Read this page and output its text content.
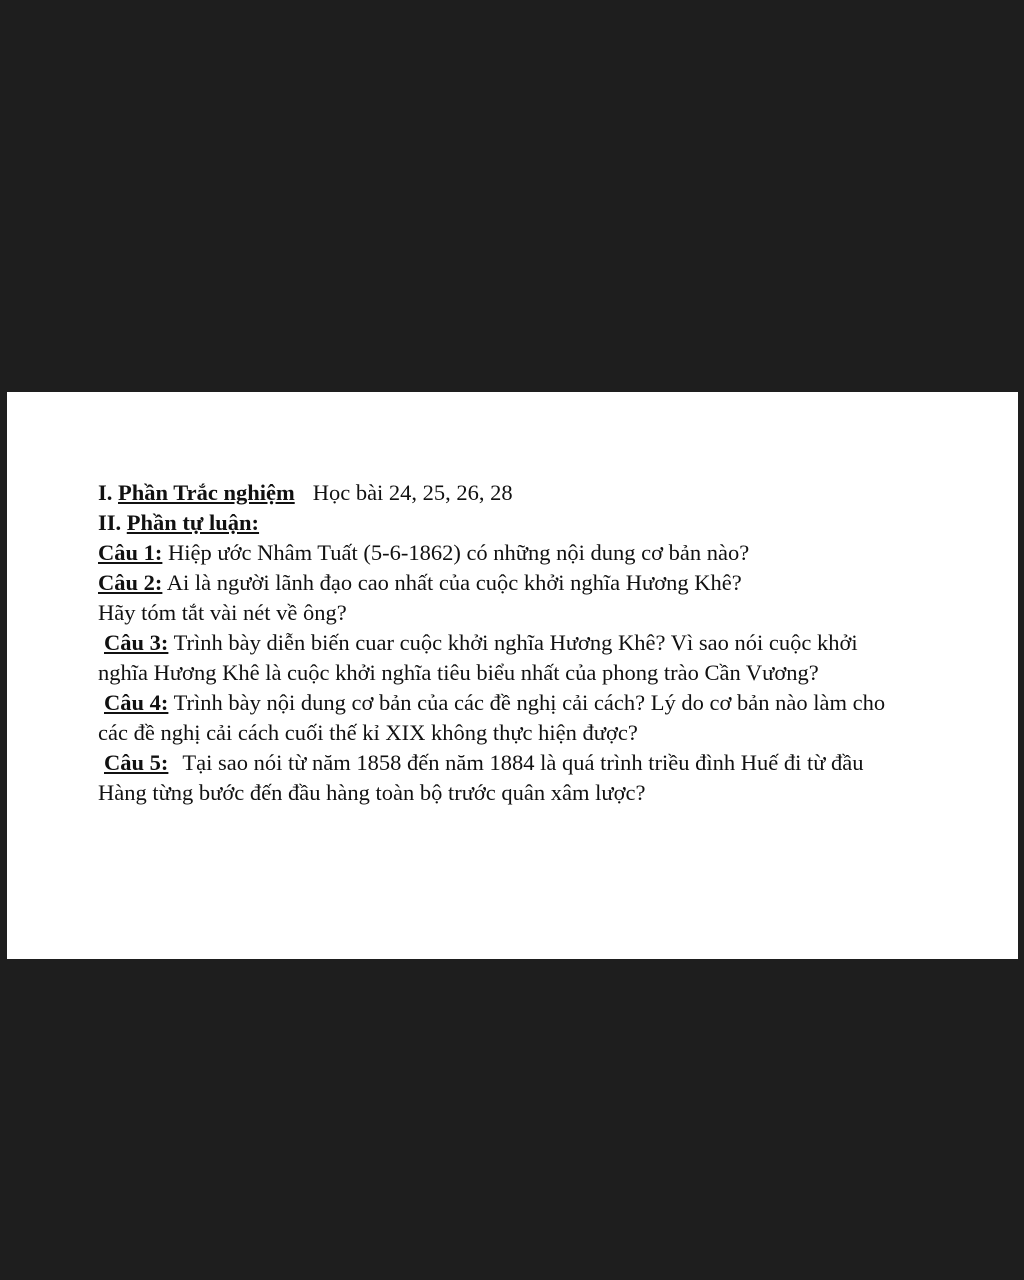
I. Phần Trắc nghiệm Học bài 24, 25, 26, 28
II. Phần tự luận:
Câu 1: Hiệp ước Nhâm Tuất (5-6-1862) có những nội dung cơ bản nào?
Câu 2: Ai là người lãnh đạo cao nhất của cuộc khởi nghĩa Hương Khê?
Hãy tóm tắt vài nét về ông?
Câu 3: Trình bày diễn biến cuar cuộc khởi nghĩa Hương Khê? Vì sao nói cuộc khởi
nghĩa Hương Khê là cuộc khởi nghĩa tiêu biểu nhất của phong trào Cần Vương?
Câu 4: Trình bày nội dung cơ bản của các đề nghị cải cách? Lý do cơ bản nào làm cho
các đề nghị cải cách cuối thế kỉ XIX không thực hiện được?
Câu 5: Tại sao nói từ năm 1858 đến năm 1884 là quá trình triều đình Huế đi từ đầu
Hàng từng bước đến đầu hàng toàn bộ trước quân xâm lược?
